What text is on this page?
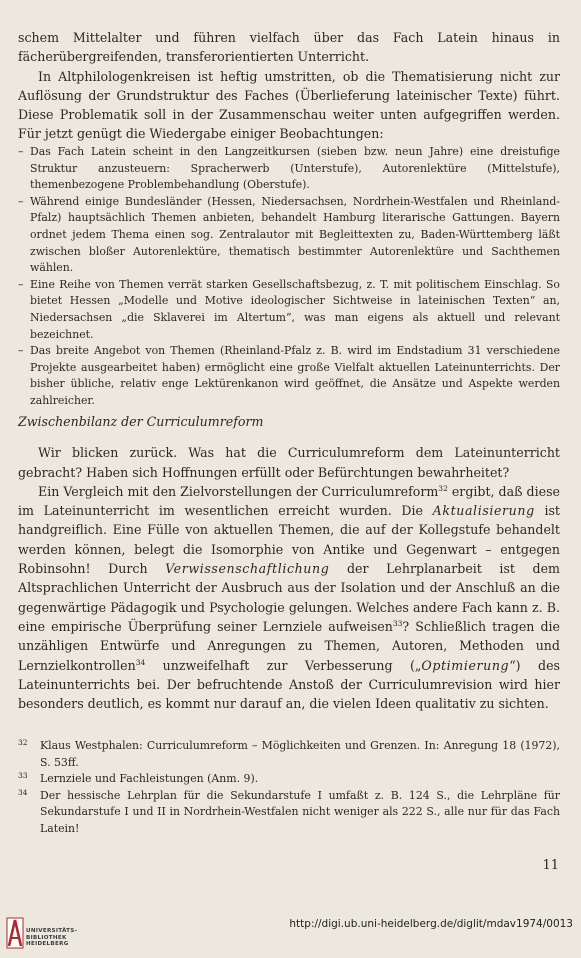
schem Mittelalter und führen vielfach über das Fach Latein hinaus in fächerübergreifenden, transferorientierten Unterricht.

In Altphilologenkreisen ist heftig umstritten, ob die Thematisierung nicht zur Auflösung der Grundstruktur des Faches (Überlieferung lateinischer Texte) führt. Diese Problematik soll in der Zusammenschau weiter unten aufgegriffen werden. Für jetzt genügt die Wiedergabe einiger Beobachtungen:

– Das Fach Latein scheint in den Langzeitkursen (sieben bzw. neun Jahre) eine dreistufige Struktur anzusteuern: Spracherwerb (Unterstufe), Autorenlektüre (Mittelstufe), themenbezogene Problembehandlung (Oberstufe).
– Während einige Bundesländer (Hessen, Niedersachsen, Nordrhein-Westfalen und Rheinland-Pfalz) hauptsächlich Themen anbieten, behandelt Hamburg literarische Gattungen. Bayern ordnet jedem Thema einen sog. Zentralautor mit Begleittexten zu, Baden-Württemberg läßt zwischen bloßer Autorenlektüre, thematisch bestimmter Autorenlektüre und Sachthemen wählen.
– Eine Reihe von Themen verrät starken Gesellschaftsbezug, z. T. mit politischem Einschlag. So bietet Hessen „Modelle und Motive ideologischer Sichtweise in lateinischen Texten“ an, Niedersachsen „die Sklaverei im Altertum“, was man eigens als aktuell und relevant bezeichnet.
– Das breite Angebot von Themen (Rheinland-Pfalz z. B. wird im Endstadium 31 verschiedene Projekte ausgearbeitet haben) ermöglicht eine große Vielfalt aktuellen Lateinunterrichts. Der bisher übliche, relativ enge Lektürenkanon wird geöffnet, die Ansätze und Aspekte werden zahlreicher.

Zwischenbilanz der Curriculumreform

Wir blicken zurück. Was hat die Curriculumreform dem Lateinunterricht gebracht? Haben sich Hoffnungen erfüllt oder Befürchtungen bewahrheitet?

Ein Vergleich mit den Zielvorstellungen der Curriculumreform$^{32}$ ergibt, daß diese im Lateinunterricht im wesentlichen erreicht wurden. Die Aktualisierung ist handgreiflich. Eine Fülle von aktuellen Themen, die auf der Kollegstufe behandelt werden können, belegt die Isomorphie von Antike und Gegenwart – entgegen Robinsohn! Durch Verwissenschaftlichung der Lehrplanarbeit ist dem Altsprachlichen Unterricht der Ausbruch aus der Isolation und der Anschluß an die gegenwärtige Pädagogik und Psychologie gelungen. Welches andere Fach kann z. B. eine empirische Überprüfung seiner Lernziele aufweisen$^{33}$? Schließlich tragen die unzähligen Entwürfe und Anregungen zu Themen, Autoren, Methoden und Lernzielkontrollen$^{34}$ unzweifelhaft zur Verbesserung („Optimierung“) des Lateinunterrichts bei. Der befruchtende Anstoß der Curriculumrevision wird hier besonders deutlich, es kommt nur darauf an, die vielen Ideen qualitativ zu sichten.

32 Klaus Westphalen: Curriculumreform – Möglichkeiten und Grenzen. In: Anregung 18 (1972), S. 53ff.
33 Lernziele und Fachleistungen (Anm. 9).
34 Der hessische Lehrplan für die Sekundarstufe I umfaßt z. B. 124 S., die Lehrpläne für Sekundarstufe I und II in Nordrhein-Westfalen nicht weniger als 222 S., alle nur für das Fach Latein!
11
UNIVERSITÄTS-
BIBLIOTHEK
HEIDELBERG
http://digi.ub.uni-heidelberg.de/diglit/mdav1974/0013
